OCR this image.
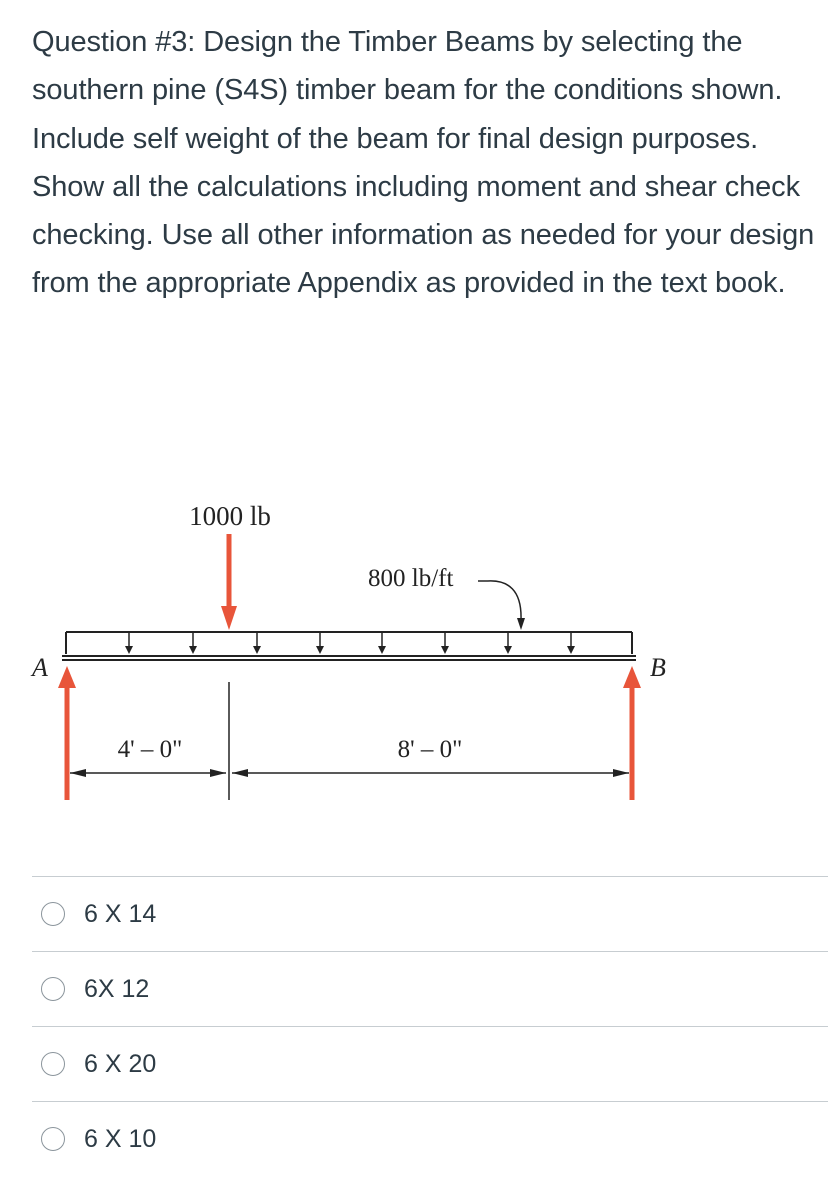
Question #3: Design the Timber Beams by selecting the southern pine (S4S) timber beam for the conditions shown. Include self weight of the beam for final design purposes. Show all the calculations including moment and shear check checking. Use all other information as needed for your design from the appropriate Appendix as provided in the text book.

1000 lb
800 lb/ft
A	B
4' – 0"	8' – 0"
6 X 14
6X 12
6 X 20
6 X 10
